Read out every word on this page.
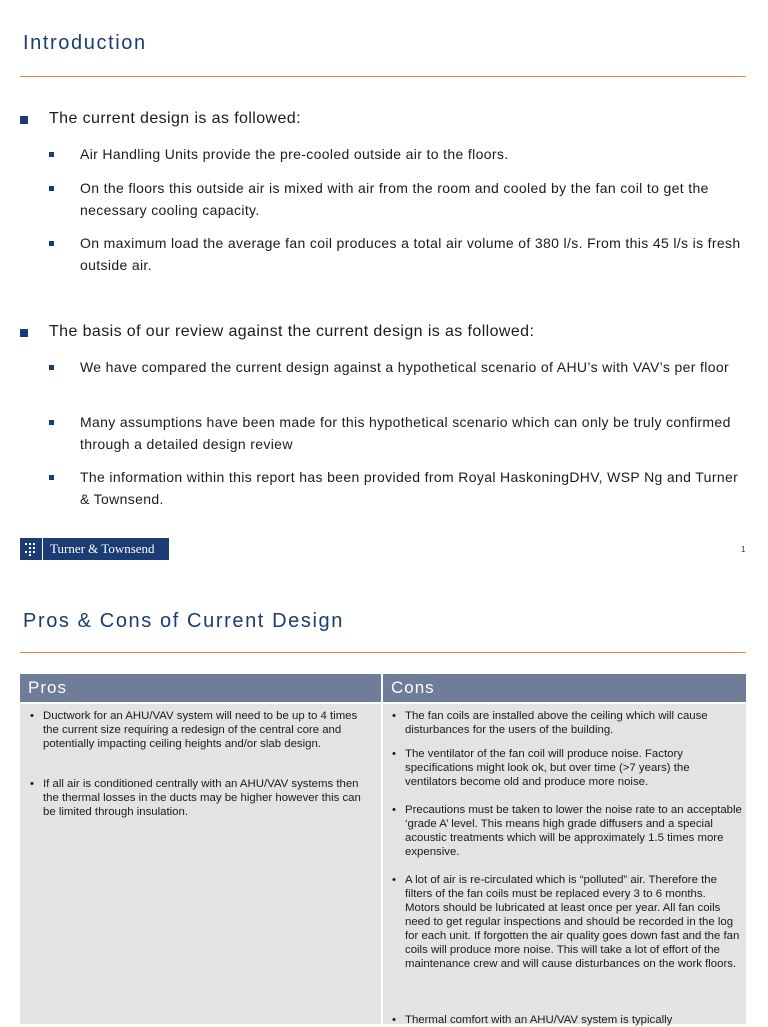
Introduction
The current design is as followed:
Air Handling Units provide the pre-cooled outside air to the floors.
On the floors this outside air is mixed with air from the room and cooled by the fan coil to get the necessary cooling capacity.
On maximum load the average fan coil produces a total air volume of 380 l/s. From this 45 l/s is fresh outside air.
The basis of our review against the current design is as followed:
We have compared the current design against a hypothetical scenario of AHU’s with VAV’s per floor
Many assumptions have been made for this hypothetical scenario which can only be truly confirmed through a detailed design review
The information within this report has been provided from Royal HaskoningDHV, WSP Ng and Turner & Townsend.
Turner & Townsend	1
Pros & Cons of Current Design
Pros	Cons
• Ductwork for an AHU/VAV system will need to be up to 4 times the current size requiring a redesign of the central core and potentially impacting ceiling heights and/or slab design.
• If all air is conditioned centrally with an AHU/VAV systems then the thermal losses in the ducts may be higher however this can be limited through insulation.
• The fan coils are installed above the ceiling which will cause disturbances for the users of the building.
• The ventilator of the fan coil will produce noise. Factory specifications might look ok, but over time (>7 years) the ventilators become old and produce more noise.
• Precautions must be taken to lower the noise rate to an acceptable ‘grade A’ level. This means high grade diffusers and a special acoustic treatments which will be approximately 1.5 times more expensive.
• A lot of air is re-circulated which is “polluted” air. Therefore the filters of the fan coils must be replaced every 3 to 6 months. Motors should be lubricated at least once per year. All fan coils need to get regular inspections and should be recorded in the log for each unit. If forgotten the air quality goes down fast and the fan coils will produce more noise. This will take a lot of effort of the maintenance crew and will cause disturbances on the work floors.
• Thermal comfort with an AHU/VAV system is typically
